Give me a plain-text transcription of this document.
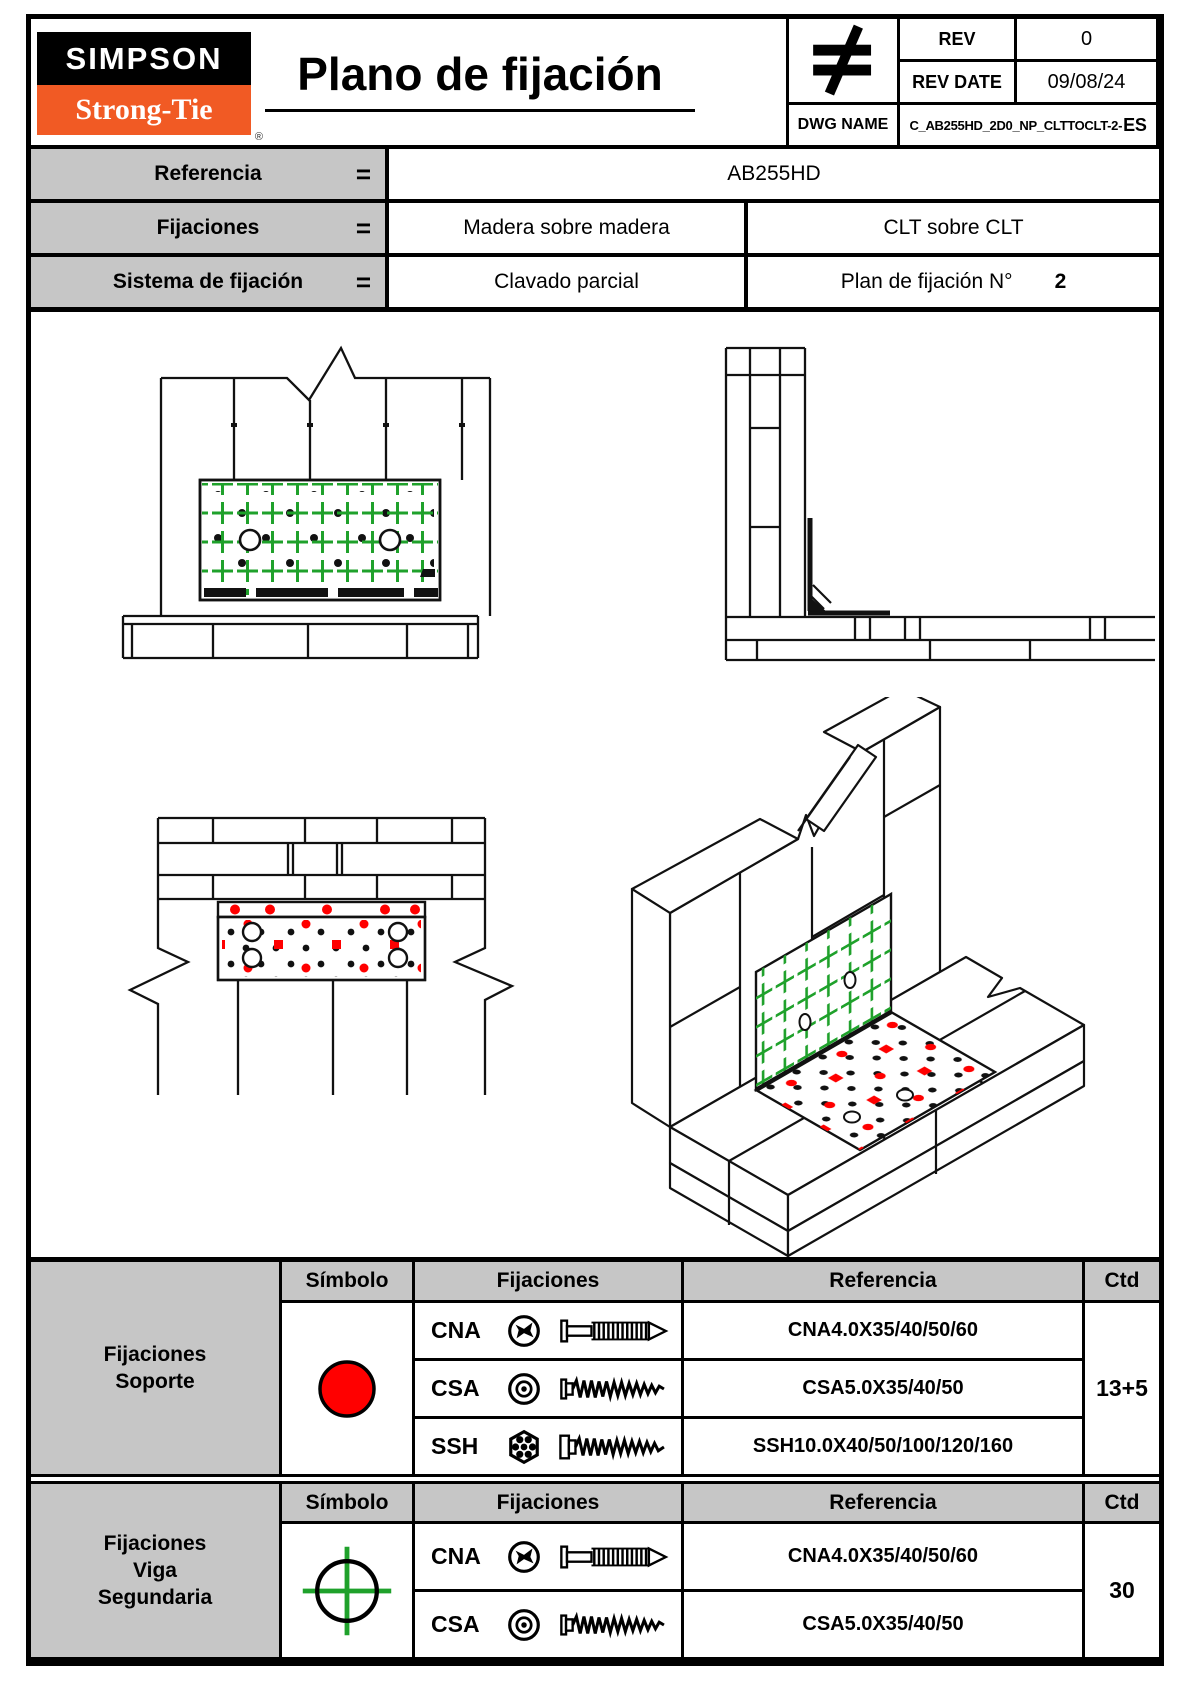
SIMPSON
Strong-Tie
®
Plano de fijación
REV	0
REV DATE	09/08/24
DWG NAME	C_AB255HD_2D0_NP_CLTTOCLT-2- ES
Referencia	=	AB255HD
Fijaciones	=	Madera sobre madera	CLT sobre CLT
Sistema de fijación =	Clavado parcial	Plan de fijación N° 2
Fijaciones
Soporte
Símbolo	Fijaciones	Referencia	Ctd
CNA	CNA4.0X35/40/50/60
CSA	CSA5.0X35/40/50
SSH	SSH10.0X40/50/100/120/160
13+5
Fijaciones
Viga
Segundaria
Símbolo	Fijaciones	Referencia	Ctd
CNA	CNA4.0X35/40/50/60
CSA	CSA5.0X35/40/50
30
